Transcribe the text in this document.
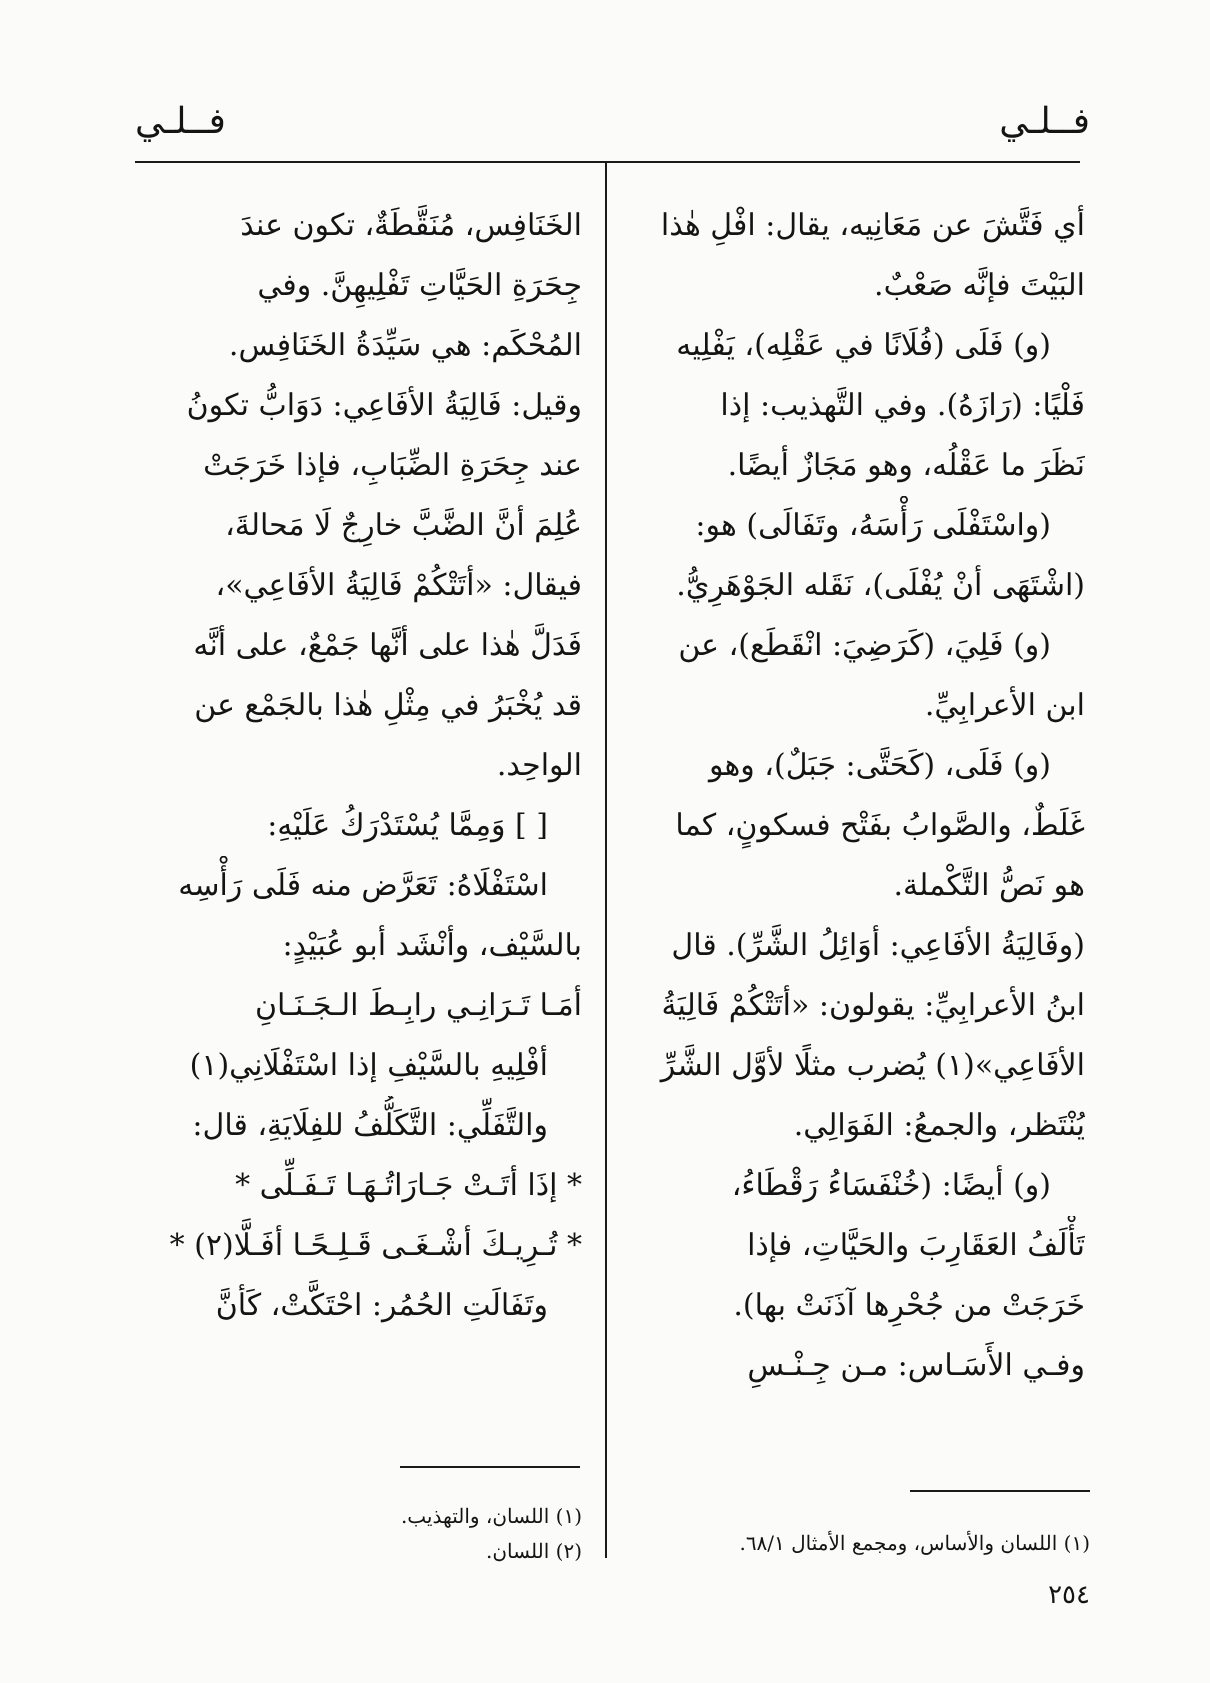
فــلـي
فــلـي

أي فَتَّشَ عن مَعَانِيه، يقال: افْلِ هٰذا

البَيْتَ فإنَّه صَعْبٌ.

(و) فَلَى (فُلَانًا في عَقْلِه)، يَفْلِيه

فَلْيًا: (رَازَهُ). وفي التَّهذيب: إذا

نَظَرَ ما عَقْلُه، وهو مَجَازٌ أيضًا.

(واسْتَفْلَى رَأْسَهُ، وتَفَالَى) هو:

(اشْتَهَى أنْ يُفْلَى)، نَقَله الجَوْهَرِيُّ.

(و) فَلِيَ، (كَرَضِيَ: انْقَطَع)، عن

ابن الأعرابِيِّ.

(و) فَلَى، (كَحَتَّى: جَبَلٌ)، وهو

غَلَطٌ، والصَّوابُ بفَتْح فسكونٍ، كما

هو نَصُّ التَّكْملة.

(وفَالِيَةُ الأفَاعِي: أوَائِلُ الشَّرِّ). قال

ابنُ الأعرابِيِّ: يقولون: «أتَتْكُمْ فَالِيَةُ

الأفَاعِي»(١) يُضرب مثلًا لأوَّل الشَّرِّ

يُنْتَظر، والجمعُ: الفَوَالِي.

(و) أيضًا: (خُنْفَسَاءُ رَقْطَاءُ،

تَأْلَفُ العَقَارِبَ والحَيَّاتِ، فإذا

خَرَجَتْ من جُحْرِها آذَنَتْ بها).

وفـي الأَسَـاس: مـن جِـنْـسِ

الخَنَافِس، مُنَقَّطَةٌ، تكون عندَ

جِحَرَةِ الحَيَّاتِ تَفْلِيهِنَّ. وفي

المُحْكَم: هي سَيِّدَةُ الخَنَافِس.

وقيل: فَالِيَةُ الأفَاعِي: دَوَابُّ تكونُ

عند جِحَرَةِ الضِّبَابِ، فإذا خَرَجَتْ

عُلِمَ أنَّ الضَّبَّ خارِجٌ لَا مَحالةَ،

فيقال: «أتَتْكُمْ فَالِيَةُ الأفَاعِي»،

فَدَلَّ هٰذا على أنَّها جَمْعٌ، على أنَّه

قد يُخْبَرُ في مِثْلِ هٰذا بالجَمْع عن

الواحِد.

[ ] وَمِمَّا يُسْتَدْرَكُ عَلَيْهِ:

اسْتَفْلَاهُ: تَعَرَّض منه فَلَى رَأْسِه

بالسَّيْف، وأنْشَد أبو عُبَيْدٍ:

أمَـا تَـرَانِـي رابِـطَ الـجَـنَـانِ

أفْلِيهِ بالسَّيْفِ إذا اسْتَفْلَانِي(١)

والتَّفَلِّي: التَّكَلُّفُ للفِلَايَةِ، قال:

* إذَا أتَـتْ جَـارَاتُـهَـا تَـفَـلِّى *

* تُـرِيـكَ أشْـغَـى قَـلِـحًـا أفَـلَّا(٢) *

وتَفَالَتِ الحُمُر: احْتَكَّتْ، كَأنَّ

(١) اللسان والأساس، ومجمع الأمثال ٦٨/١.
(١) اللسان، والتهذيب.
(٢) اللسان.
٢٥٤
